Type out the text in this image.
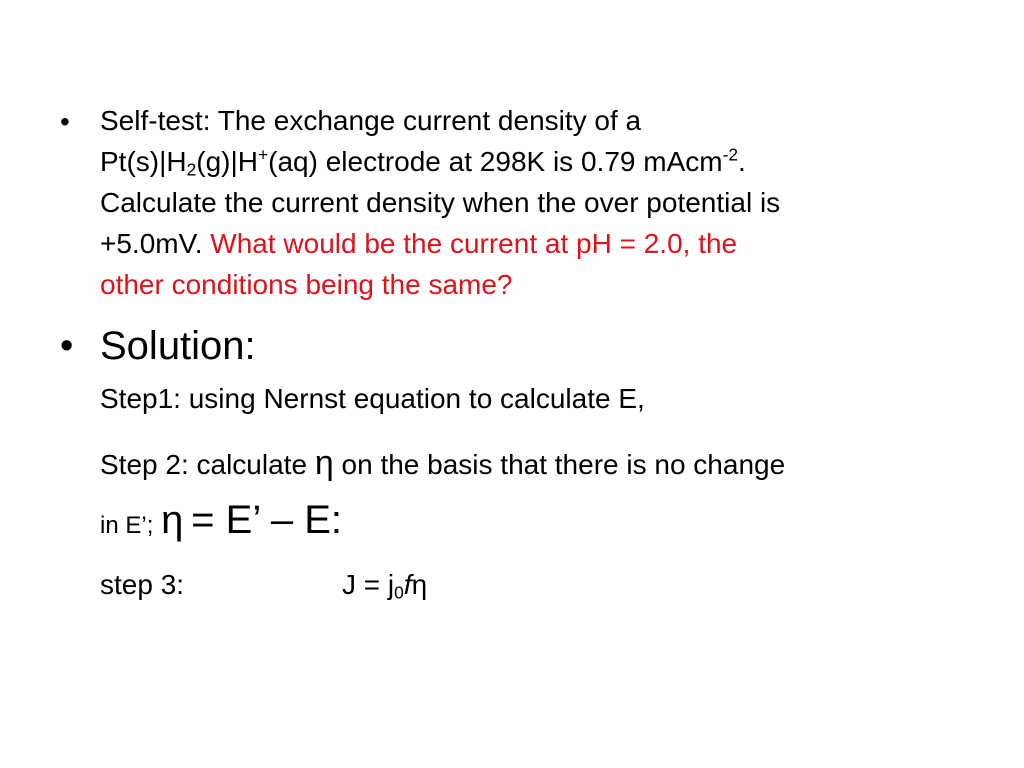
• Self-test: The exchange current density of a
$Pt(s)|H_2(g)|H^+(aq)$ electrode at 298K is 0.79 mAcm$^{-2}$.
Calculate the current density when the over potential is
+5.0mV. What would be the current at pH = 2.0, the
other conditions being the same?
• Solution:
Step1: using Nernst equation to calculate E,
Step 2: calculate η on the basis that there is no change
in E’; η = E’ – E:
step 3:	$J = j_0f\eta$
